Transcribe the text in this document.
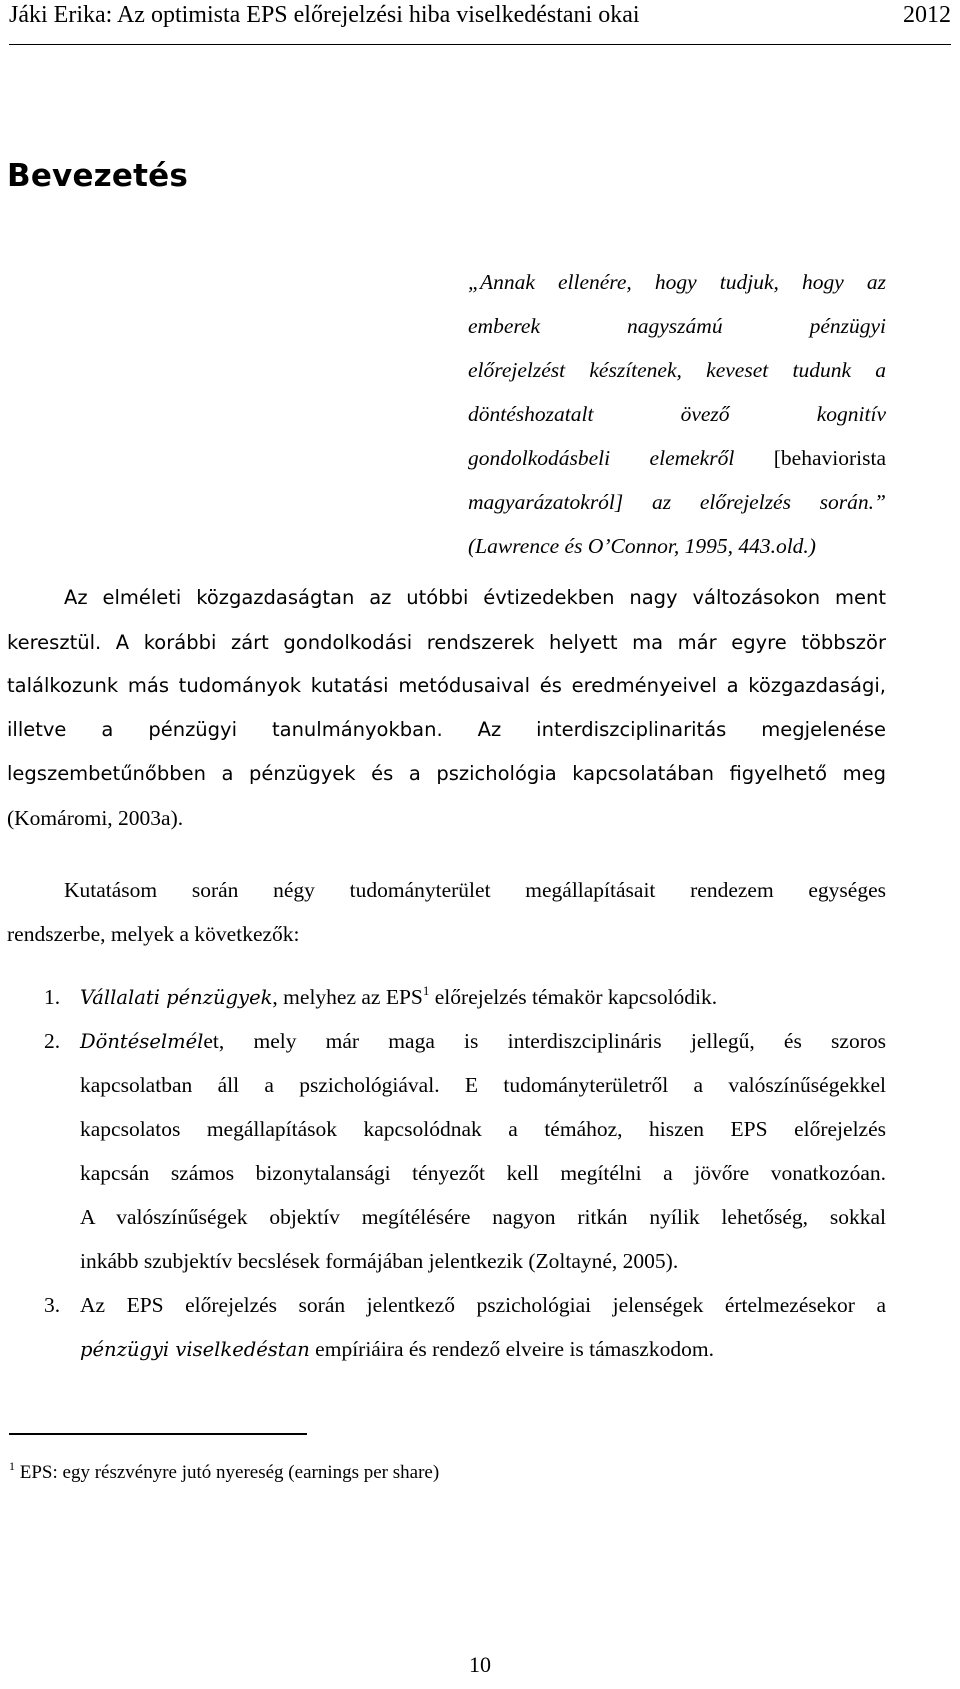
Jáki Erika: Az optimista EPS előrejelzési hiba viselkedéstani okai	2012
Bevezetés
„Annak ellenére, hogy tudjuk, hogy az
emberek nagyszámú pénzügyi
előrejelzést készítenek, keveset tudunk a
döntéshozatalt övező kognitív
gondolkodásbeli elemekről [behaviorista
magyarázatokról] az előrejelzés során.”
(Lawrence és O’Connor, 1995, 443.old.)
Az elméleti közgazdaságtan az utóbbi évtizedekben nagy változásokon ment
keresztül. A korábbi zárt gondolkodási rendszerek helyett ma már egyre többször
találkozunk más tudományok kutatási metódusaival és eredményeivel a közgazdasági,
illetve a pénzügyi tanulmányokban. Az interdiszciplinaritás megjelenése
legszembetűnőbben a pénzügyek és a pszichológia kapcsolatában figyelhető meg
(Komáromi, 2003a).
Kutatásom során négy tudományterület megállapításait rendezem egységes
rendszerbe, melyek a következők:
1. Vállalati pénzügyek, melyhez az EPS$^1$ előrejelzés témakör kapcsolódik.
2. Döntéselmélet, mely már maga is interdiszciplináris jellegű, és szoros
kapcsolatban áll a pszichológiával. E tudományterületről a valószínűségekkel
kapcsolatos megállapítások kapcsolódnak a témához, hiszen EPS előrejelzés
kapcsán számos bizonytalansági tényezőt kell megítélni a jövőre vonatkozóan.
A valószínűségek objektív megítélésére nagyon ritkán nyílik lehetőség, sokkal
inkább szubjektív becslések formájában jelentkezik (Zoltayné, 2005).
3. Az EPS előrejelzés során jelentkező pszichológiai jelenségek értelmezésekor a
pénzügyi viselkedéstan empíriáira és rendező elveire is támaszkodom.
$^1$ EPS: egy részvényre jutó nyereség (earnings per share)
10
